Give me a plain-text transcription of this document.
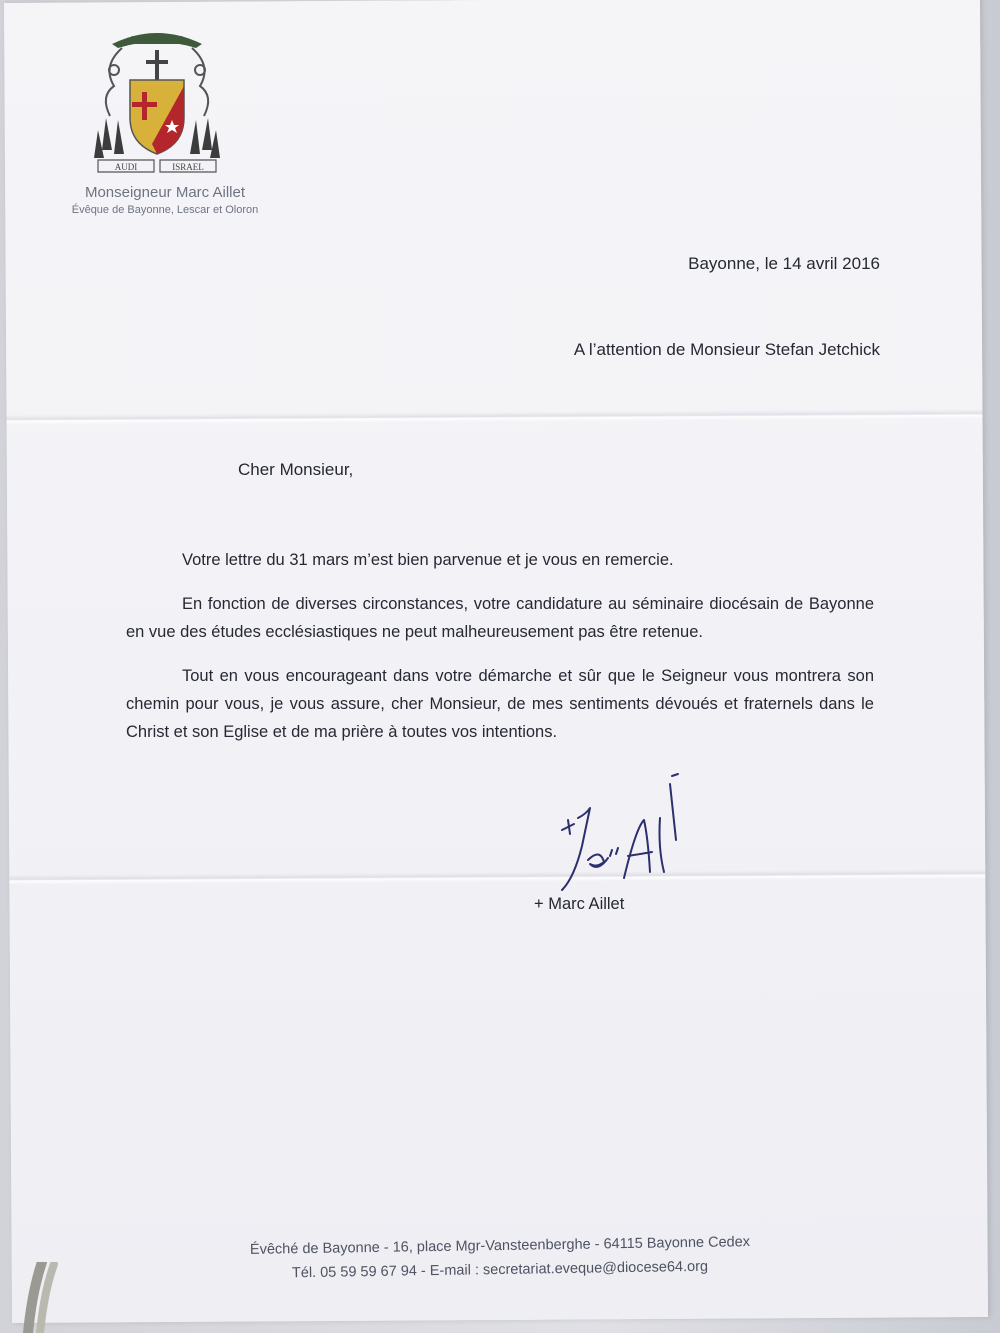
AUDI	ISRAEL
Monseigneur Marc Aillet
Évêque de Bayonne, Lescar et Oloron
Bayonne, le 14 avril 2016
A l’attention de Monsieur Stefan Jetchick
Cher Monsieur,

Votre lettre du 31 mars m’est bien parvenue et je vous en remercie.

En fonction de diverses circonstances, votre candidature au séminaire diocésain de Bayonne en vue des études ecclésiastiques ne peut malheureusement pas être retenue.

Tout en vous encourageant dans votre démarche et sûr que le Seigneur vous montrera son chemin pour vous, je vous assure, cher Monsieur, de mes sentiments dévoués et fraternels dans le Christ et son Eglise et de ma prière à toutes vos intentions.

+ Marc Aillet
Évêché de Bayonne - 16, place Mgr-Vansteenberghe - 64115 Bayonne Cedex
Tél. 05 59 59 67 94 - E-mail : secretariat.eveque@diocese64.org
